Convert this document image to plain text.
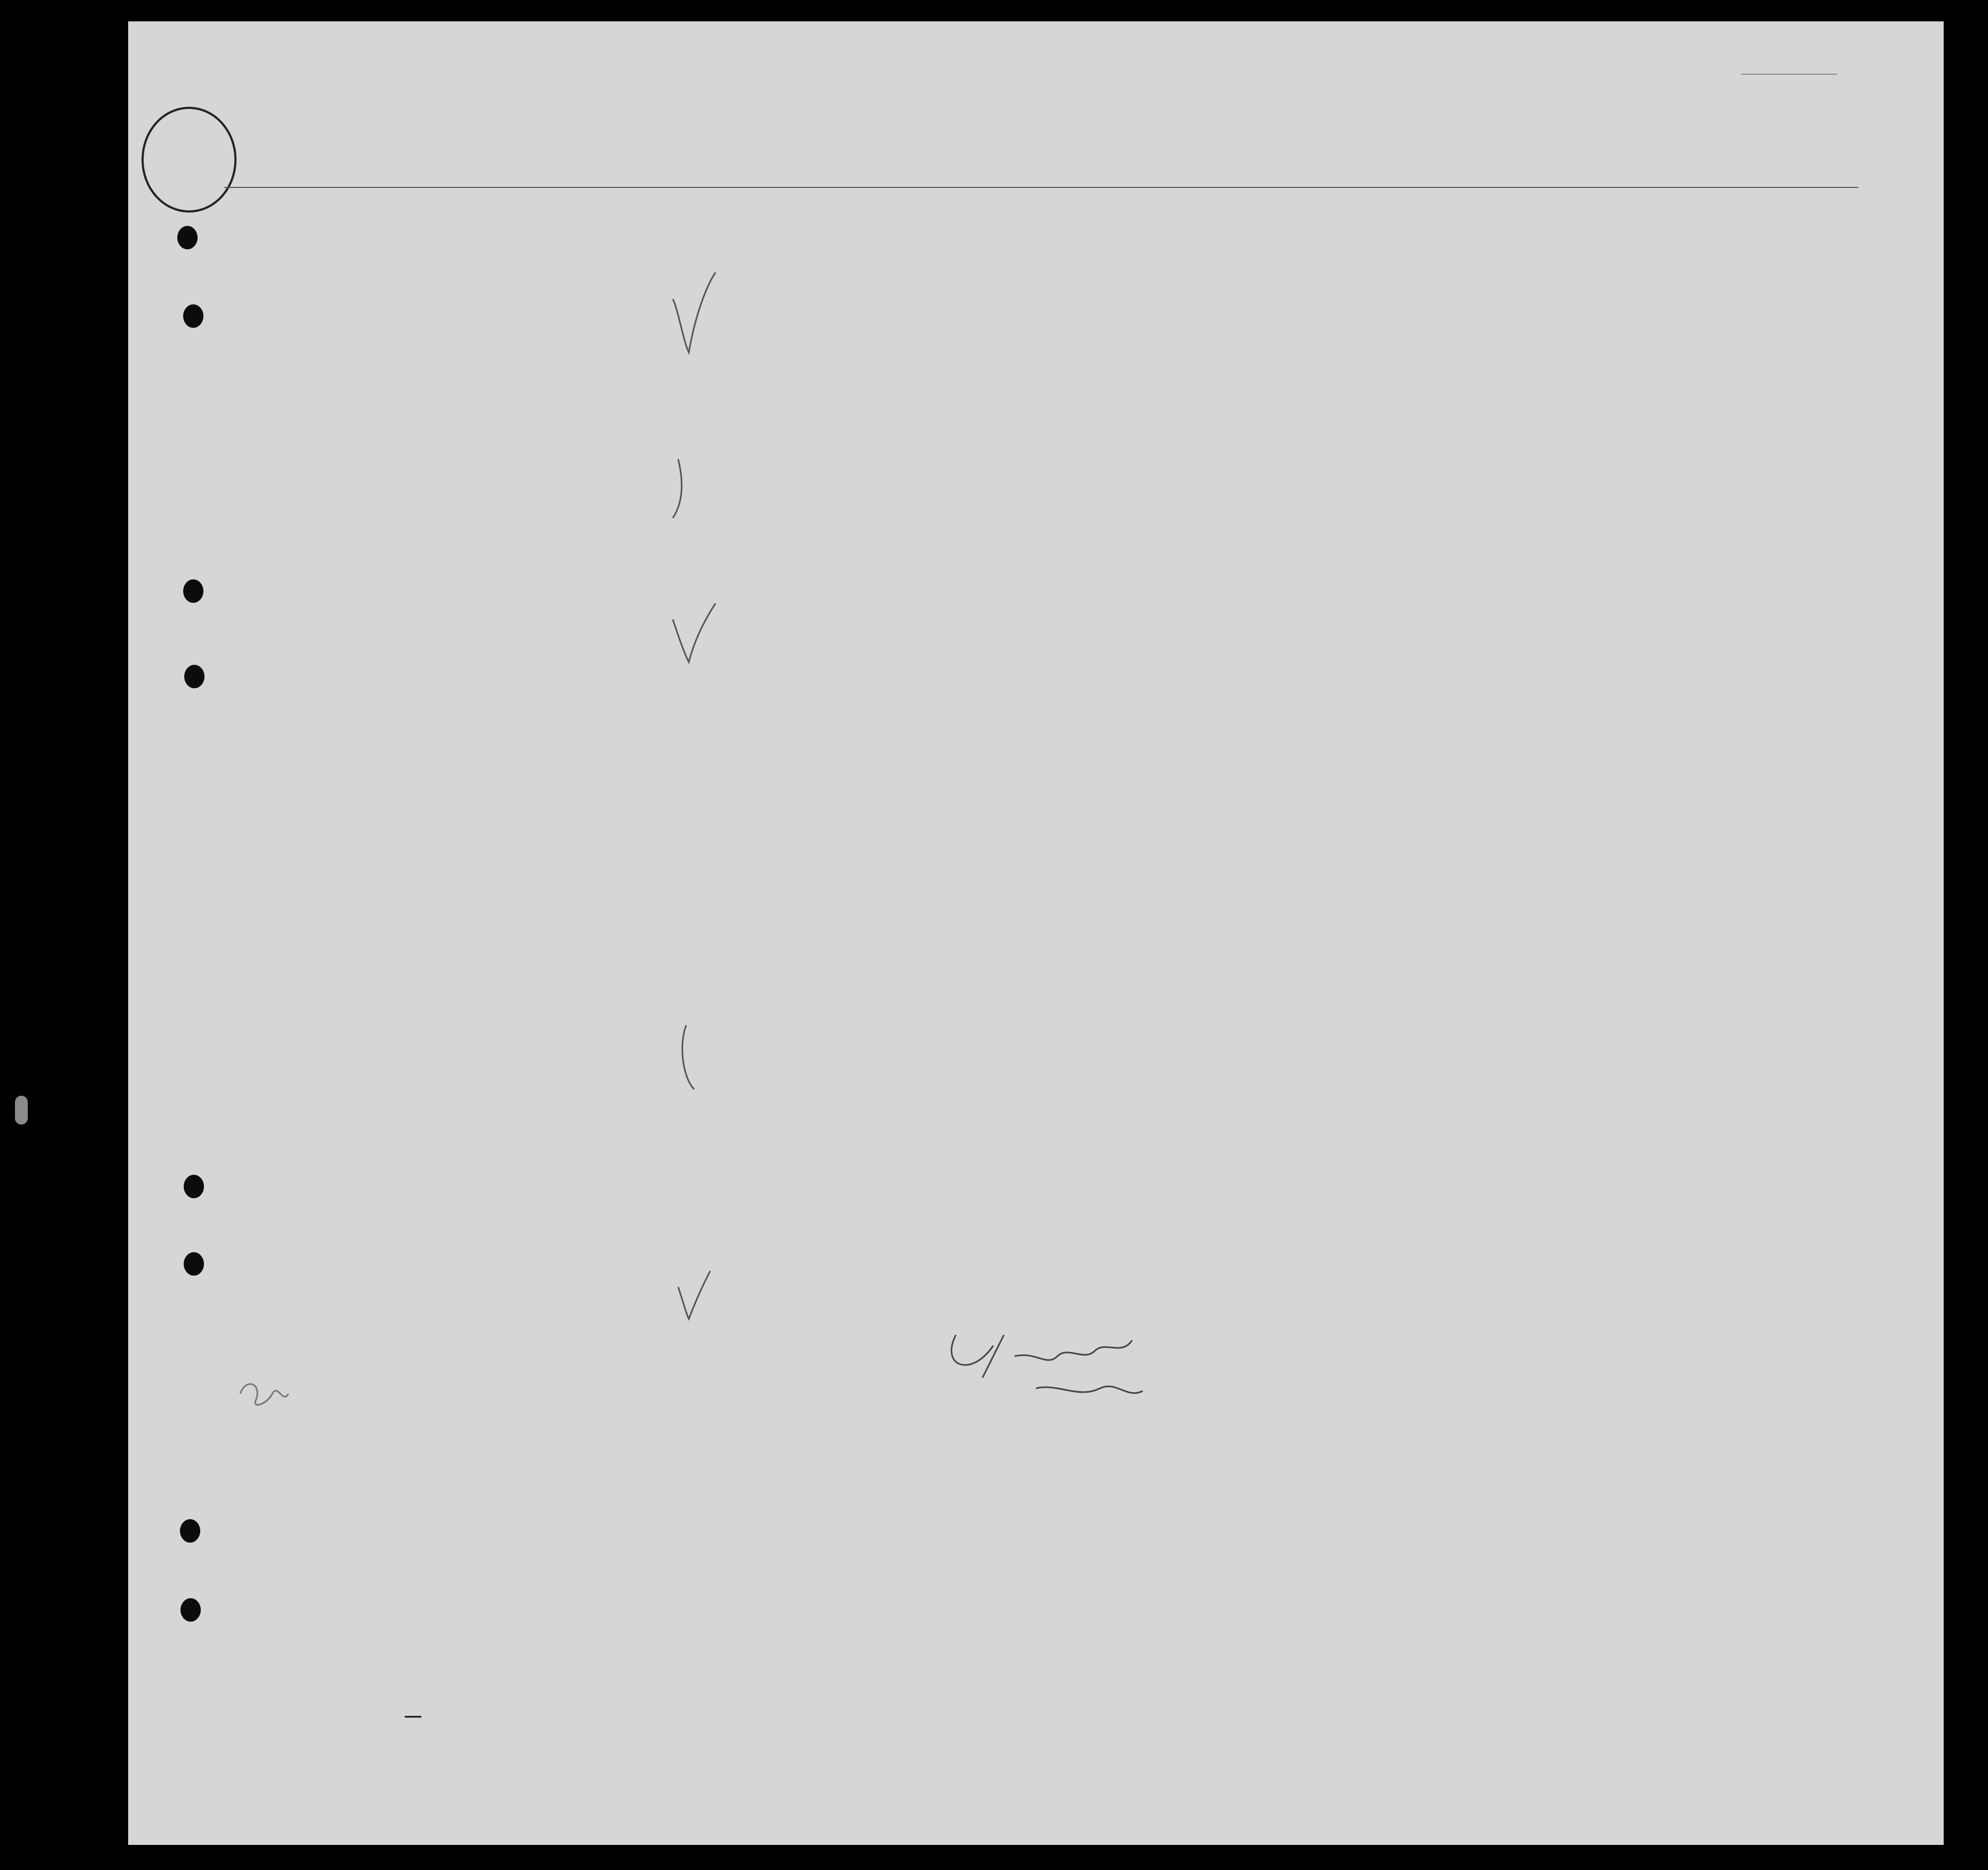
—
